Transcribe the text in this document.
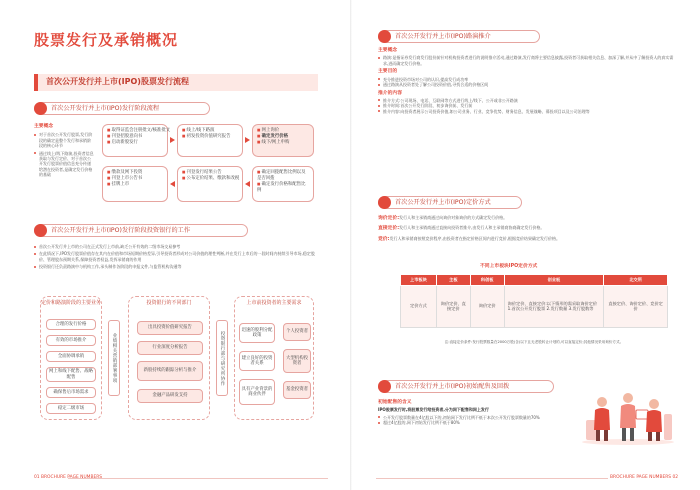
股票发行及承销概况
首次公开发行并上市(IPO)股票发行流程
首次公开发行并上市(IPO)发行阶段流程
主要概念
对于首次公开发行股票,发行阶段的确定是整个发行和承销阶段的核心环节
通过线上/线下路演,投资者信息获取与发行定价、对于首次公开发行股票价值信息充分传递给潜在投资者,是确定发行价格的基础
■ 取得证监会注册批文/核准批文
■ 刊登招股意向书
■ 启动新股发行
■ 线上/线下路演
■ 初发投资价值研究报告
■ 网上询价
■ 确定发行价格
■ 线下/网上申购
■ 缴款及网下投资
■ 刊登上市公告书
■ 挂牌上市
■ 刊登发行结果公告
■ 公布定价结果、缴款和改税
■ 确定回拨配售比例以及是否回拨
■ 确定发行价格和配售比例
首次公开发行并上市(IPO)发行阶段投资银行的工作
首次公开发行并上市的公司在正式发行上市前,缺乏公开有效的二级市场交易参考
在此情况下,IPO发行股票价值存在其内在价值和市场短期价格差异,引导投资者形成对公司价值的理性判断,并在发行上市后的一段时间内持续引导市场,稳定股价、管理股东预期关系,保障投资者权益,发挥承销商的作用
投资银行还负责路演中与机构工作,承头制作各阶段的申报文件,与监管机构沟通等
定价和路演阶段的主要业务
合理的发行价格
有效的市场推介
全面协调承销
网上和线下配售、战略配售
确保售后市场需求
稳定二级市场
业绩相关营销部署事项
投资银行的不同部门
出具投资价值研究报告
行业深度分析报告
新股持续的跟踪分析与推介
金融产品研发支持
投资银行部与研究所协作
上市前投资者的主要需求
迅速的股利分配政策
建立良好的投资者关系
具有产业背景的商业伙伴
个人投资者
大型机构投资者
基金投资者
01 BROCHURE PAGE NUMBERS
首次公开发行并上市(IPO)路演推介
主要概念
路演:是指证券发行商发行股份前针对机构投资者进行的说明推介活动,通过路演,发行商将主要信息披露,投资者可获取相关信息、加深了解,并从中了解投资人的真实需求,进而确定发行价格。
主要目的
充分推进投资市场对公司的认识,提高发行成功率
通过路演从投资者处了解公司投资价值,寻找合适的价格区间
推介的内容
推介方式:公司现场、电话、互联网等方式进行线上/线下、公开或非公开路演
推介时间:首次公开发行阶段、初步询价前、发行前
推介内容:向投资者展示公司投资价值,如公司业务、行业、竞争优势、财务信息、发展战略、募投项目以及公司治理等
首次公开发行并上市(IPO)定价方式
询价定价:发行人和主承销商通过向询价对象询价的方式确定发行价格。
直接定价:发行人和主承销商通过直接向投资者推介,由发行人和主承销商协商确定发行价格。
竞价:发行人和承销商按照竞价程序,由投资者在指定价格区间内进行竞价,根据竞价结果确定发行价格。
不同上市板块IPO定价方式
上市板块	主板	科创板	创业板	北交所
定价方式	询价定价、直接定价	询价定价	询价定价、直接定价:以下情形的需采取询价定价 1.首次公开发行股票 2.发行数量 3.发行股数等	直接定价、询价定价、竞价定价
注:直接定价条件:发行股票数量在2000万股(含)以下且无老股转让计划的,可以直接定价;其他情况采用询价方式。
首次公开发行并上市(IPO)初始配售及回拨
初始配售的含义
IPO股票发行时,将股票发行给投资者,分为网下配售和网上发行
公开发行股票数量在4亿股以下的,初始网下发行比例不低于本次公开发行股票数量的70%
超过4亿股的,网下初始发行比例不低于80%
BROCHURE PAGE NUMBERS 02
